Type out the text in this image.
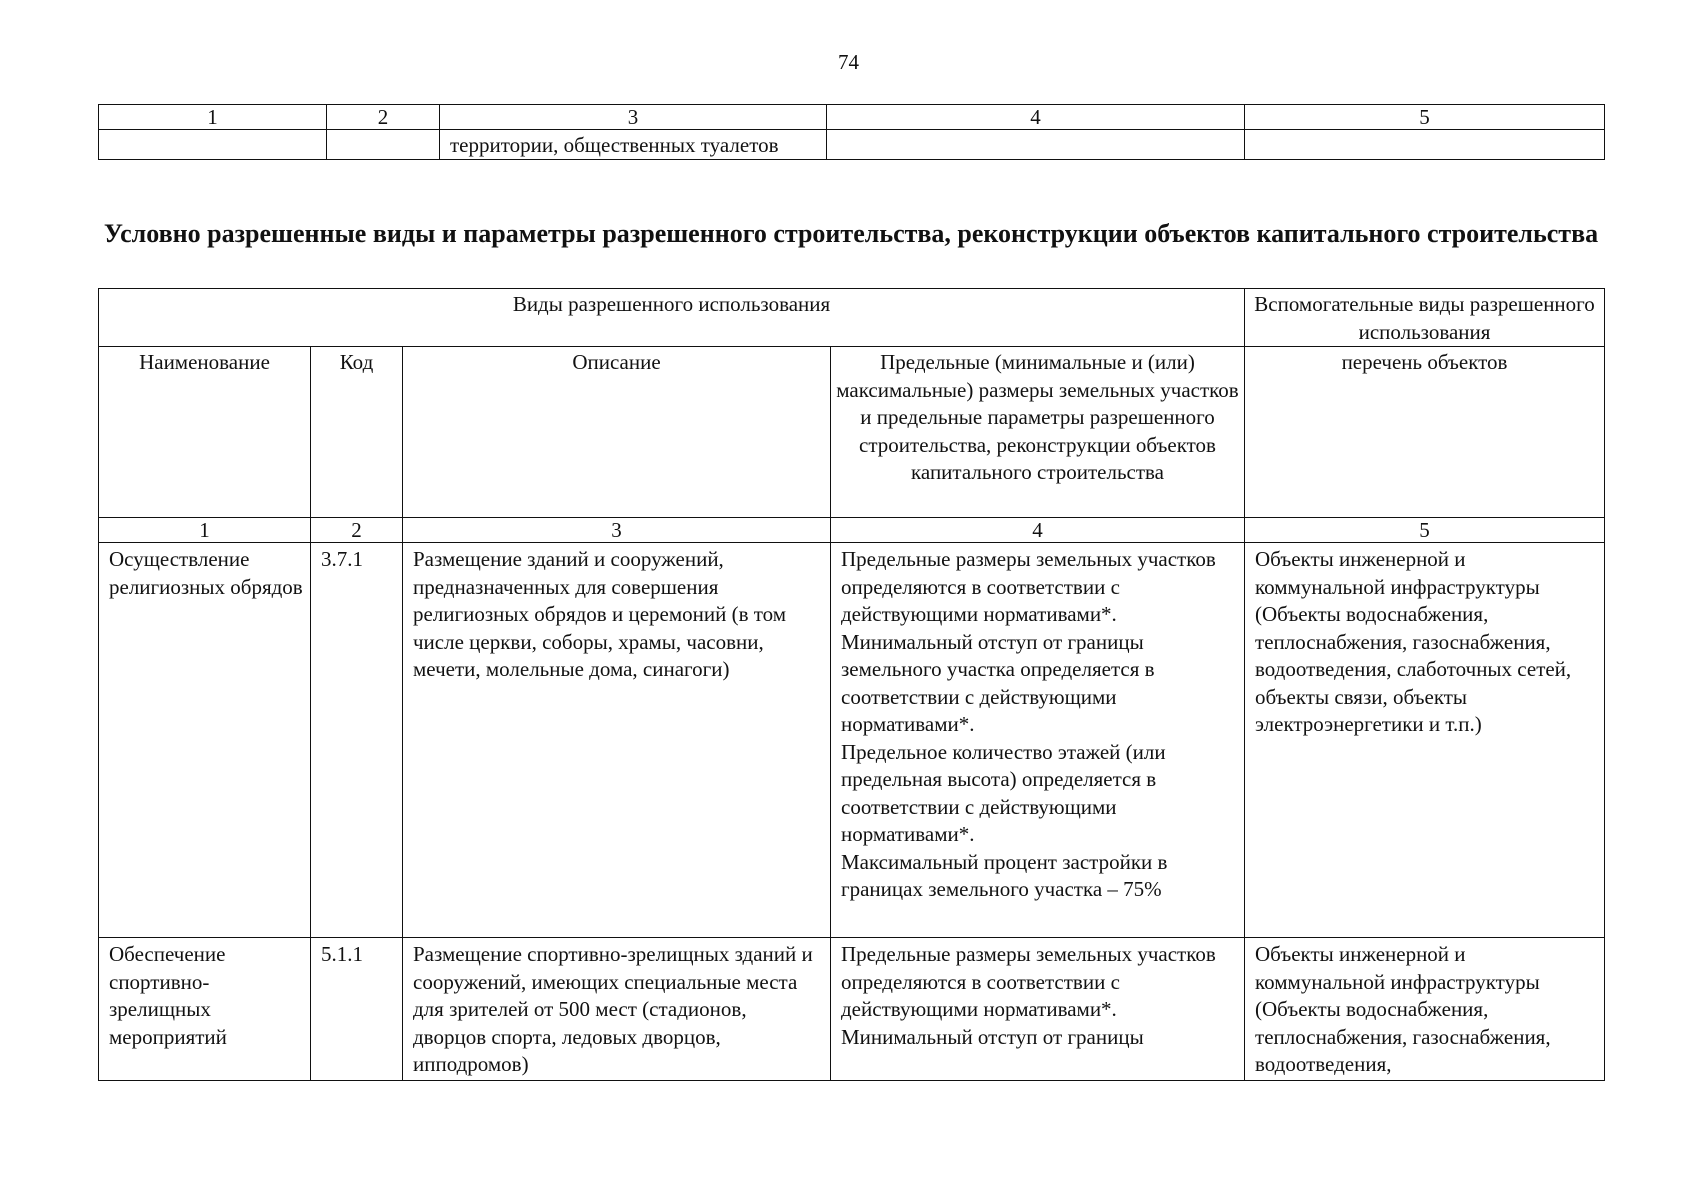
74
1	2	3	4	5
		территории, общественных туалетов		
Условно разрешенные виды и параметры разрешенного строительства, реконструкции объектов капитального строительства
Виды разрешенного использования				Вспомогательные виды разрешенного использования
Наименование	Код	Описание	Предельные (минимальные и (или) максимальные) размеры земельных участков и предельные параметры разрешенного строительства, реконструкции объектов капитального строительства	перечень объектов
1	2	3	4	5

Осуществление религиозных обрядов	3.7.1	Размещение зданий и сооружений, предназначенных для совершения религиозных обрядов и церемоний (в том числе церкви, соборы, храмы, часовни, мечети, молельные дома, синагоги)	Предельные размеры земельных участков определяются в соответствии с действующими нормативами*.
Минимальный отступ от границы земельного участка определяется в соответствии с действующими нормативами*.
Предельное количество этажей (или предельная высота) определяется в соответствии с действующими нормативами*.
Максимальный процент застройки в границах земельного участка – 75%	Объекты инженерной и коммунальной инфраструктуры (Объекты водоснабжения, теплоснабжения, газоснабжения, водоотведения, слаботочных сетей, объекты связи, объекты электроэнергетики и т.п.)

Обеспечение спортивно-зрелищных мероприятий	5.1.1	Размещение спортивно-зрелищных зданий и сооружений, имеющих специальные места для зрителей от 500 мест (стадионов, дворцов спорта, ледовых дворцов, ипподромов)	Предельные размеры земельных участков определяются в соответствии с действующими нормативами*.
Минимальный отступ от границы	Объекты инженерной и коммунальной инфраструктуры (Объекты водоснабжения, теплоснабжения, газоснабжения, водоотведения,
